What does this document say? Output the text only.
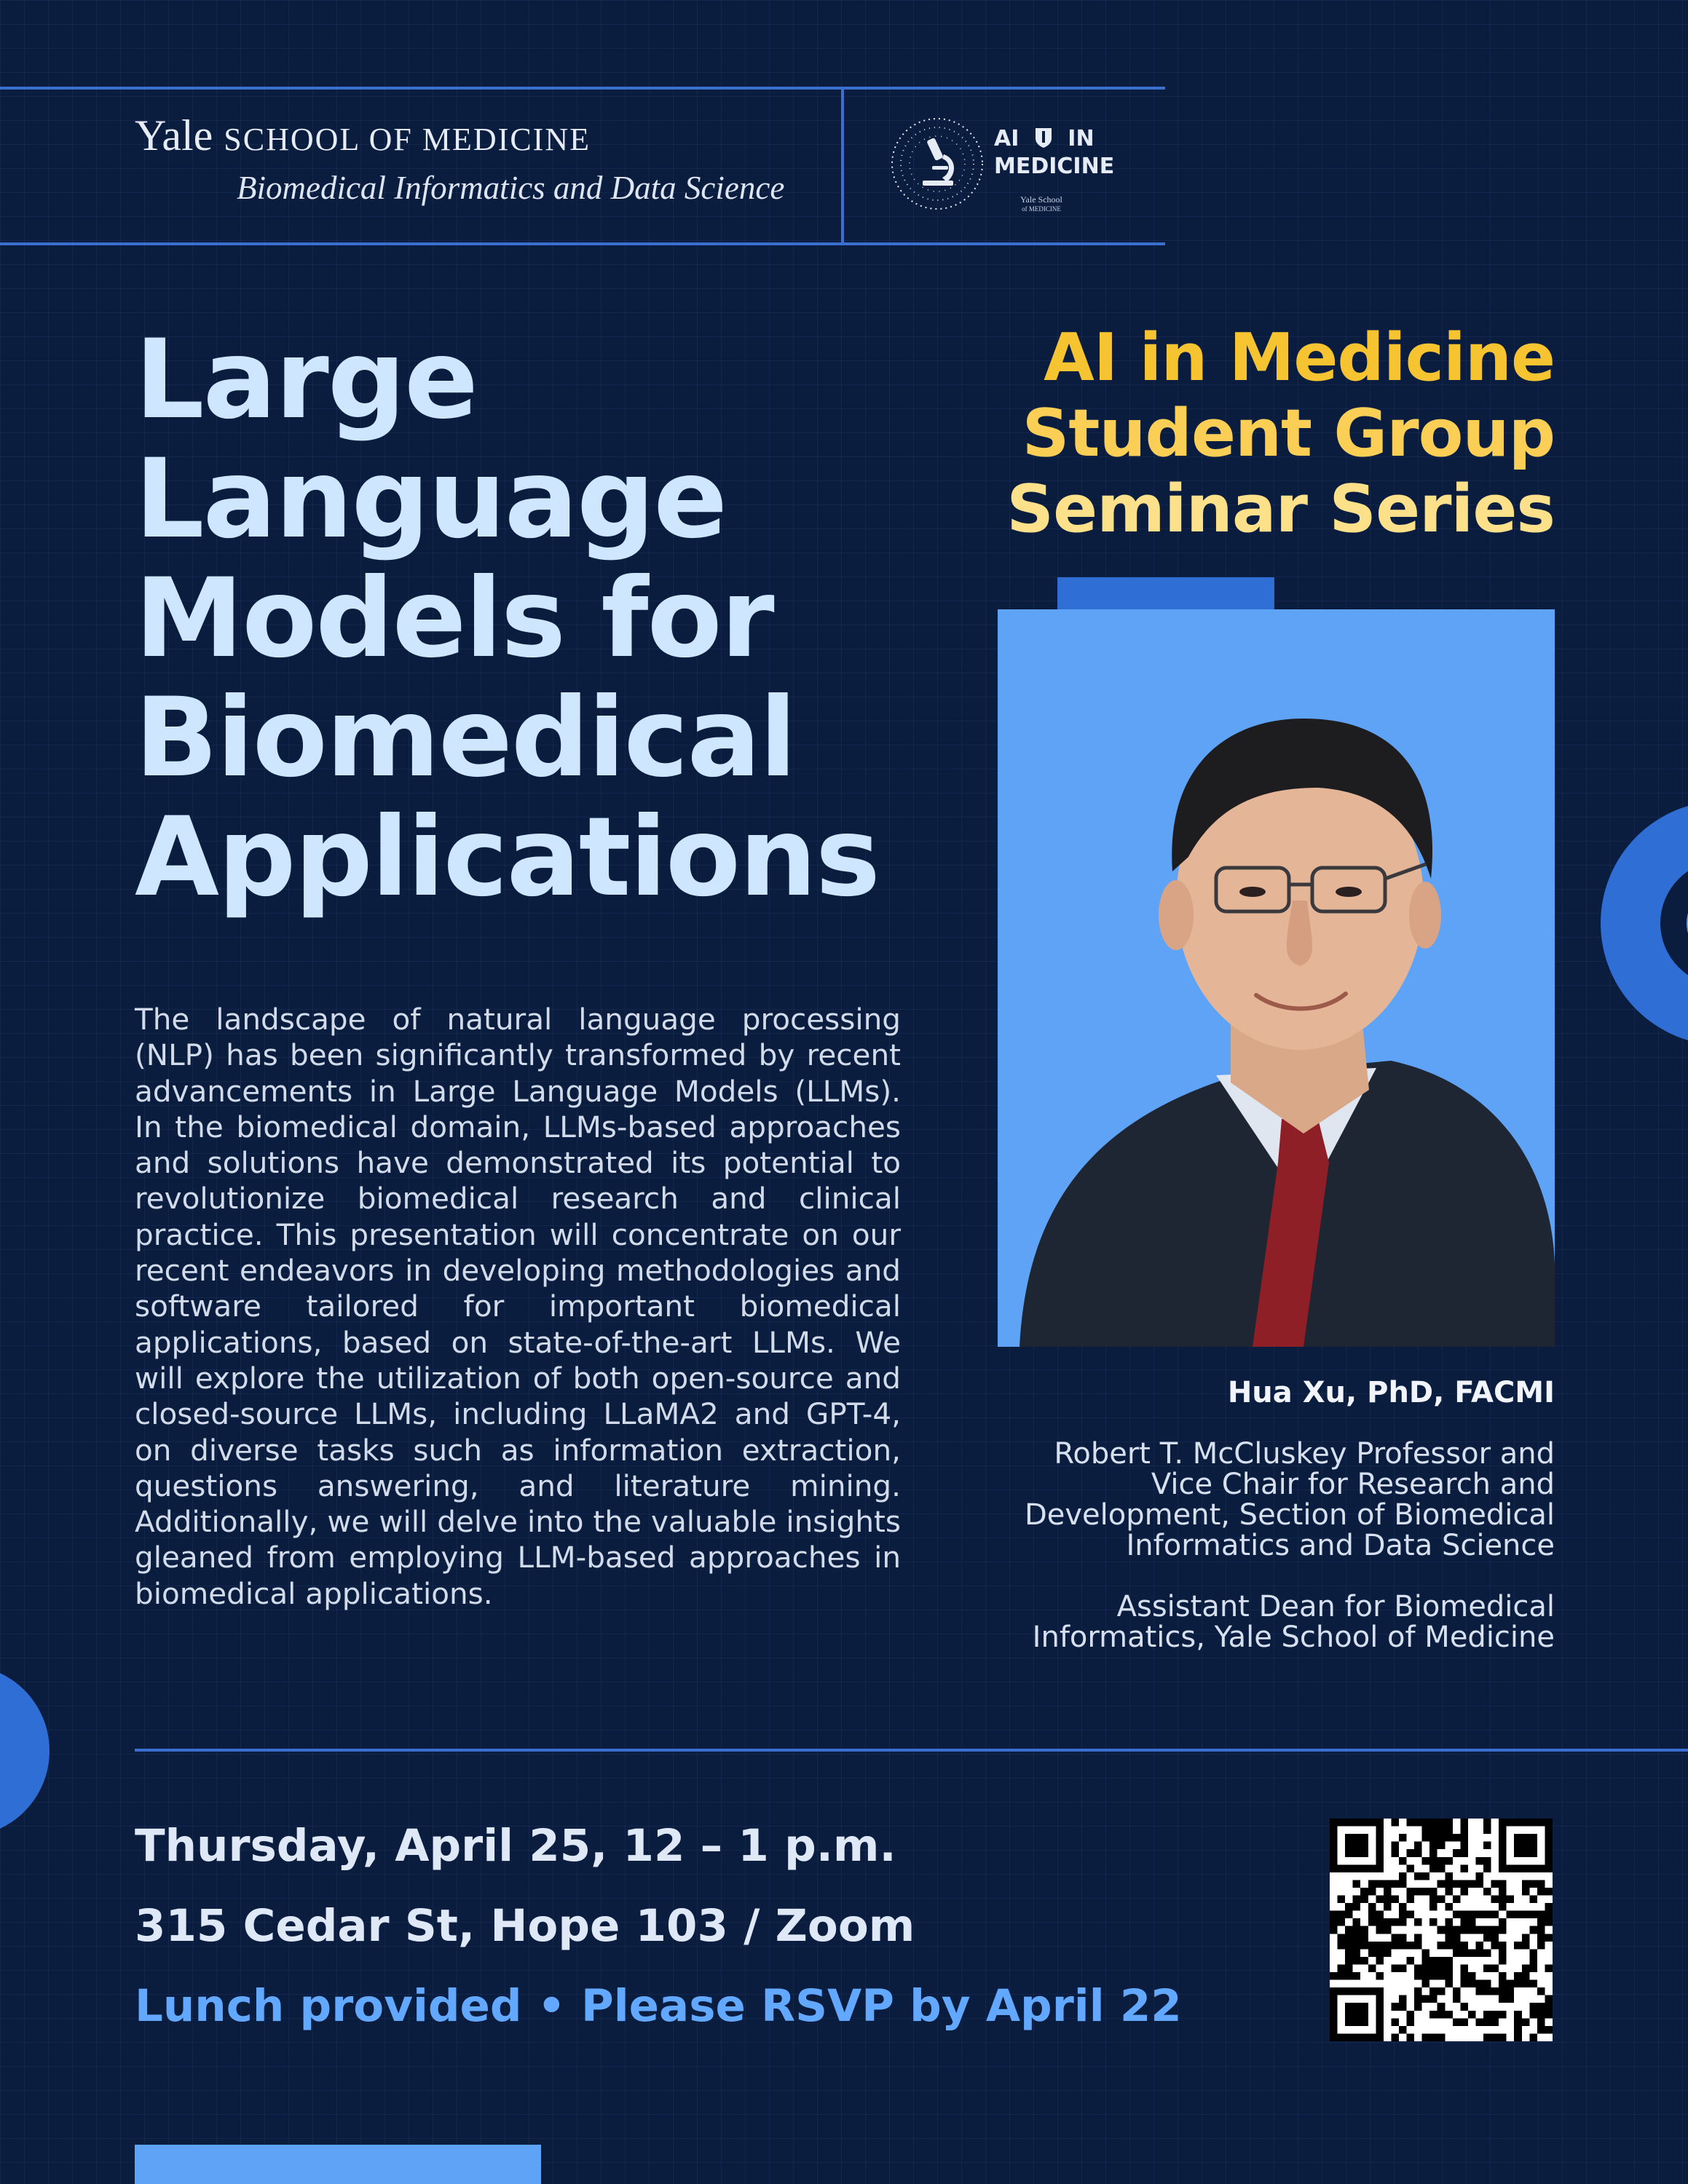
Yale SCHOOL OF MEDICINE
Biomedical Informatics and Data Science
AI IN
MEDICINE
Yale School
of MEDICINE
Large
Language
Models for
Biomedical
Applications
AI in Medicine
Student Group
Seminar Series
The landscape of natural language processing (NLP) has been significantly transformed by recent advancements in Large Language Models (LLMs). In the biomedical domain, LLMs-based approaches and solutions have demonstrated its potential to revolutionize biomedical research and clinical practice. This presentation will concentrate on our recent endeavors in developing methodologies and software tailored for important biomedical applications, based on state-of-the-art LLMs. We will explore the utilization of both open-source and closed-source LLMs, including LLaMA2 and GPT-4, on diverse tasks such as information extraction, questions answering, and literature mining. Additionally, we will delve into the valuable insights gleaned from employing LLM-based approaches in biomedical applications.
Hua Xu, PhD, FACMI
Robert T. McCluskey Professor and
Vice Chair for Research and
Development, Section of Biomedical
Informatics and Data Science
Assistant Dean for Biomedical
Informatics, Yale School of Medicine
Thursday, April 25, 12 – 1 p.m.
315 Cedar St, Hope 103 / Zoom
Lunch provided • Please RSVP by April 22
